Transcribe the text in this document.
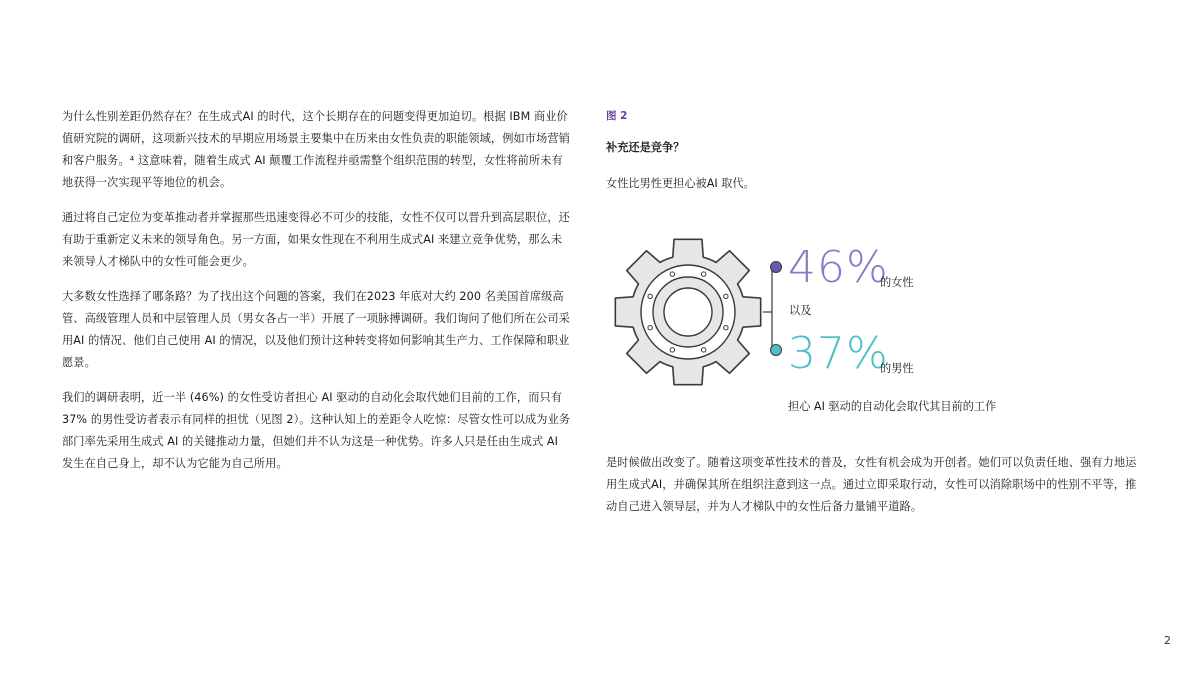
为什么性别差距仍然存在？在生成式AI 的时代，这个长期存在的问题变得更加迫切。根据 IBM 商业价值研究院的调研，这项新兴技术的早期应用场景主要集中在历来由女性负责的职能领域，例如市场营销和客户服务。⁴ 这意味着，随着生成式 AI 颠覆工作流程并亟需整个组织范围的转型，女性将前所未有地获得一次实现平等地位的机会。

通过将自己定位为变革推动者并掌握那些迅速变得必不可少的技能，女性不仅可以晋升到高层职位，还有助于重新定义未来的领导角色。另一方面，如果女性现在不利用生成式AI 来建立竞争优势，那么未来领导人才梯队中的女性可能会更少。

大多数女性选择了哪条路？为了找出这个问题的答案，我们在2023 年底对大约 200 名美国首席级高管、高级管理人员和中层管理人员（男女各占一半）开展了一项脉搏调研。我们询问了他们所在公司采用AI 的情况、他们自己使用 AI 的情况，以及他们预计这种转变将如何影响其生产力、工作保障和职业愿景。

我们的调研表明，近一半 (46%) 的女性受访者担心 AI 驱动的自动化会取代她们目前的工作，而只有 37% 的男性受访者表示有同样的担忧（见图 2）。这种认知上的差距令人吃惊：尽管女性可以成为业务部门率先采用生成式 AI 的关键推动力量，但她们并不认为这是一种优势。许多人只是任由生成式 AI 发生在自己身上，却不认为它能为自己所用。

图 2
补充还是竞争？
女性比男性更担心被AI 取代。
46%
的女性
以及
37%
的男性
担心 AI 驱动的自动化会取代其目前的工作

是时候做出改变了。随着这项变革性技术的普及，女性有机会成为开创者。她们可以负责任地、强有力地运用生成式AI，并确保其所在组织注意到这一点。通过立即采取行动，女性可以消除职场中的性别不平等，推动自己进入领导层，并为人才梯队中的女性后备力量铺平道路。

2
